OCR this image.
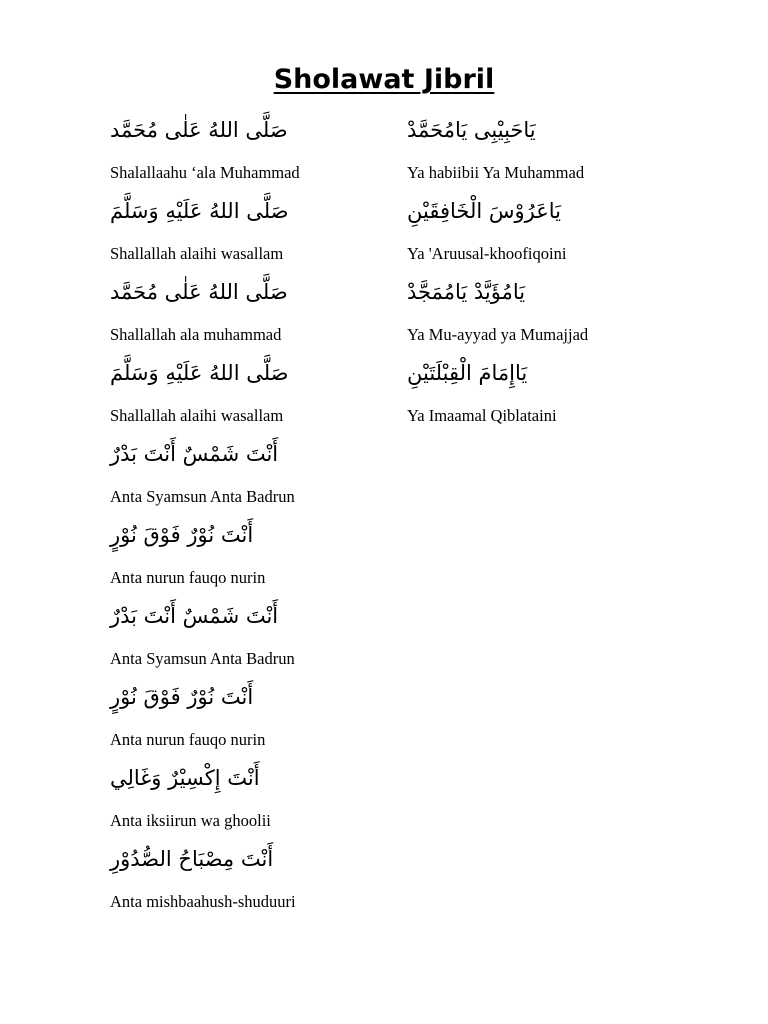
Sholawat Jibril
صَلَّى اللهُ عَلٰى مُحَمَّد
Shalallaahu ‘ala Muhammad
صَلَّى اللهُ عَلَيْهِ وَسَلَّمَ
Shallallah alaihi wasallam
صَلَّى اللهُ عَلٰى مُحَمَّد
Shallallah ala muhammad
صَلَّى اللهُ عَلَيْهِ وَسَلَّمَ
Shallallah alaihi wasallam
أَنْتَ شَمْسٌ أَنْتَ بَدْرٌ
Anta Syamsun Anta Badrun
أَنْتَ نُوْرٌ فَوْقَ نُوْرٍ
Anta nurun fauqo nurin
أَنْتَ شَمْسٌ أَنْتَ بَدْرٌ
Anta Syamsun Anta Badrun
أَنْتَ نُوْرٌ فَوْقَ نُوْرٍ
Anta nurun fauqo nurin
أَنْتَ إِكْسِيْرٌ وَغَالِي
Anta iksiirun wa ghoolii
أَنْتَ مِصْبَاحُ الصُّدُوْرِ
Anta mishbaahush-shuduuri
يَاحَبِيْبِى يَامُحَمَّدْ
Ya habiibii Ya Muhammad
يَاعَرُوْسَ الْخَافِقَيْنِ
Ya 'Aruusal-khoofiqoini
يَامُؤَيَّدْ يَامُمَجَّدْ
Ya Mu-ayyad ya Mumajjad
يَاإِمَامَ الْقِبْلَتَيْنِ
Ya Imaamal Qiblataini
